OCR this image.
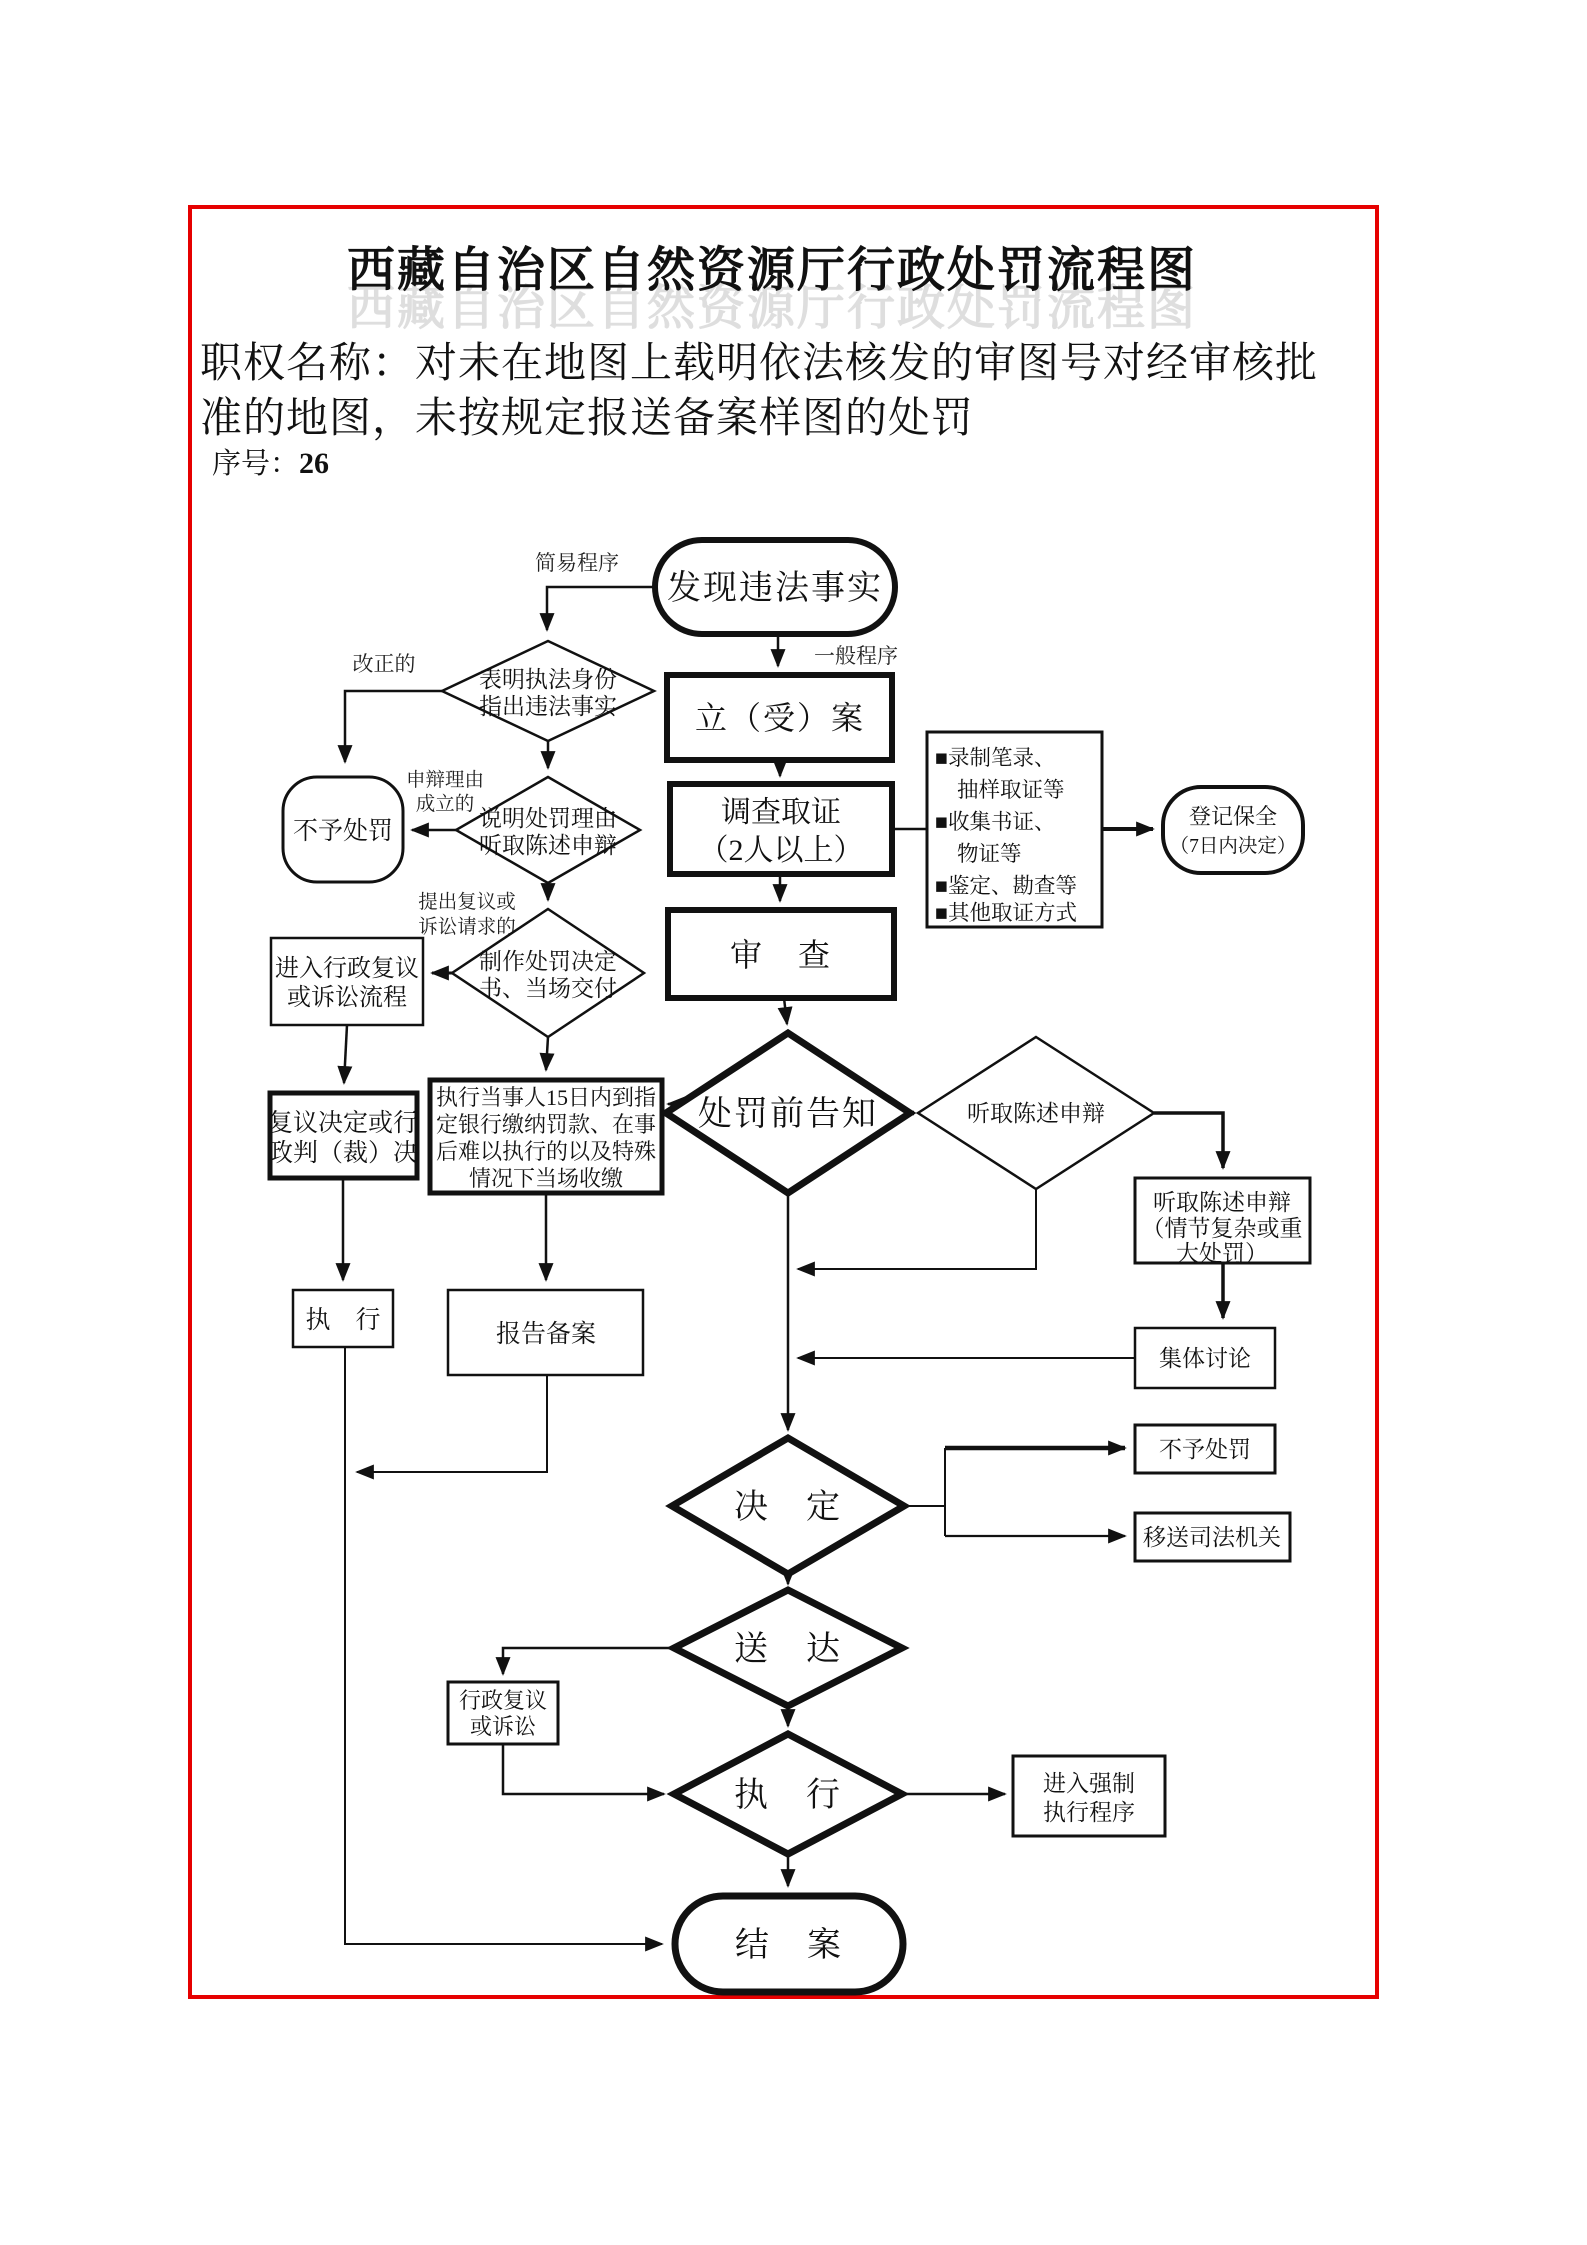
西藏自治区自然资源厅行政处罚流程图
西藏自治区自然资源厅行政处罚流程图
职权名称：对未在地图上载明依法核发的审图号对经审核批
准的地图，未按规定报送备案样图的处罚
序号： 26
简易程序
一般程序
改正的
申辩理由
成立的
提出复议或
诉讼请求的
发现违法事实
立（受）案
调查取证
（2人以上）
■录制笔录、
抽样取证等
■收集书证、
物证等
■鉴定、勘查等
■其他取证方式
登记保全
（7日内决定）
审　查
表明执法身份
指出违法事实
不予处罚	说明处罚理由
听取陈述申辩
制作处罚决定
书、当场交付
进入行政复议
或诉讼流程
复议决定或行
政判（裁）决
执行当事人15日内到指
定银行缴纳罚款、在事
后难以执行的以及特殊
情况下当场收缴
执　行
报告备案
处罚前告知	听取陈述申辩
听取陈述申辩
（情节复杂或重
大处罚）
集体讨论
决　定
不予处罚
移送司法机关
送　达
行政复议
或诉讼
执　行	进入强制
执行程序
结　案
